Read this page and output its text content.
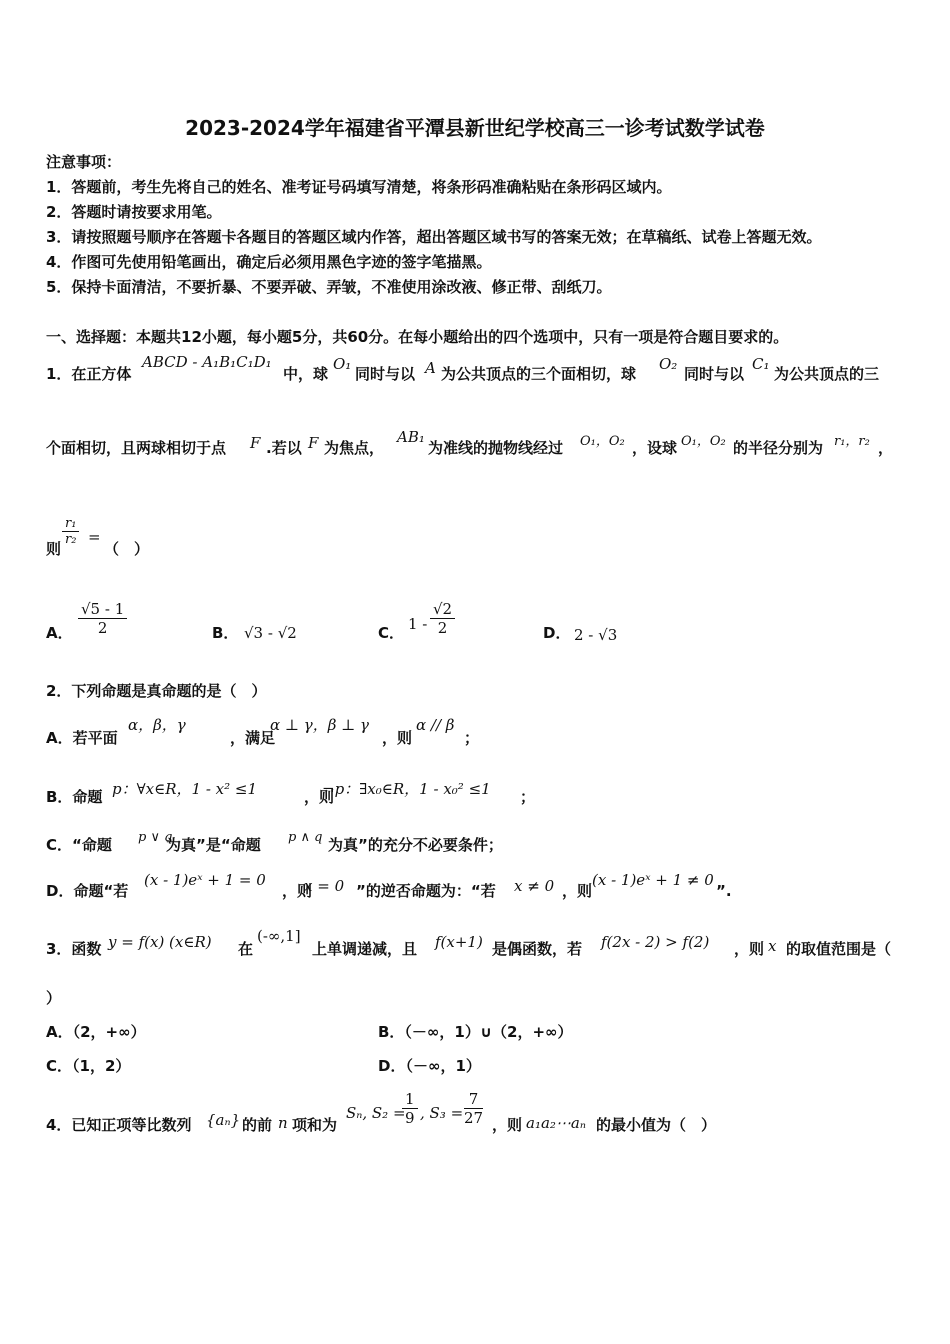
2023-2024学年福建省平潭县新世纪学校高三一诊考试数学试卷
注意事项：
1．答题前，考生先将自己的姓名、准考证号码填写清楚，将条形码准确粘贴在条形码区域内。
2．答题时请按要求用笔。
3．请按照题号顺序在答题卡各题目的答题区域内作答，超出答题区域书写的答案无效；在草稿纸、试卷上答题无效。
4．作图可先使用铅笔画出，确定后必须用黑色字迹的签字笔描黑。
5．保持卡面清洁，不要折暴、不要弄破、弄皱，不准使用涂改液、修正带、刮纸刀。
一、选择题：本题共12小题，每小题5分，共60分。在每小题给出的四个选项中，只有一项是符合题目要求的。
1．在正方体
ABCD - A₁B₁C₁D₁
中，球
O₁
同时与以 A 为公共顶点的三个面相切，球
O₂
同时与以
C₁
为公共顶点的三
个面相切，且两球相切于点 F .若以 F 为焦点，
AB₁
为准线的抛物线经过 O₁，O₂ ，设球 O₁，O₂ 的半径分别为 r₁，r₂ ，
则
$\frac{\text{r₁}}{\text{r₂}}$ =
（　）
A． $\frac{√5 - 1}{2}$	B． √3 - √2	C． $1 - \frac{√2}{2}$	D． 2 - √3
2．下列命题是真命题的是（　）
A．若平面
α，β，γ
，满足
α ⊥ γ，β ⊥ γ
，则
α // β
；
B．命题 p：∀x∈R，1 - x² ≤1	，则
¬p：∃x₀∈R，1 - x₀² ≤1 ；
C．“命题 p ∨ q
为真”是“命题 p ∧ q 为真”的充分不必要条件；
D．命题“若
(x - 1)eˣ + 1 = 0
，则
x = 0 ”的逆否命题为：“若 x ≠ 0 ，则
(x - 1)eˣ + 1 ≠ 0
”.
3．函数 y = f(x) (x∈R) 在
(-∞,1]
上单调递减，且 f(x+1) 是偶函数，若 f(2x - 2) > f(2) ，则 x 的取值范围是（
）
A．（2，+∞）	B．（－∞，1）∪（2，+∞）
C．（1，2）	D．（－∞，1）
4．已知正项等比数列 {aₙ} 的前 n 项和为
Sₙ, S₂ =
$\frac{1}{9}$ , $S_3 = \frac{7}{27}$ ，则 a₁a₂⋯aₙ 的最小值为（　）
